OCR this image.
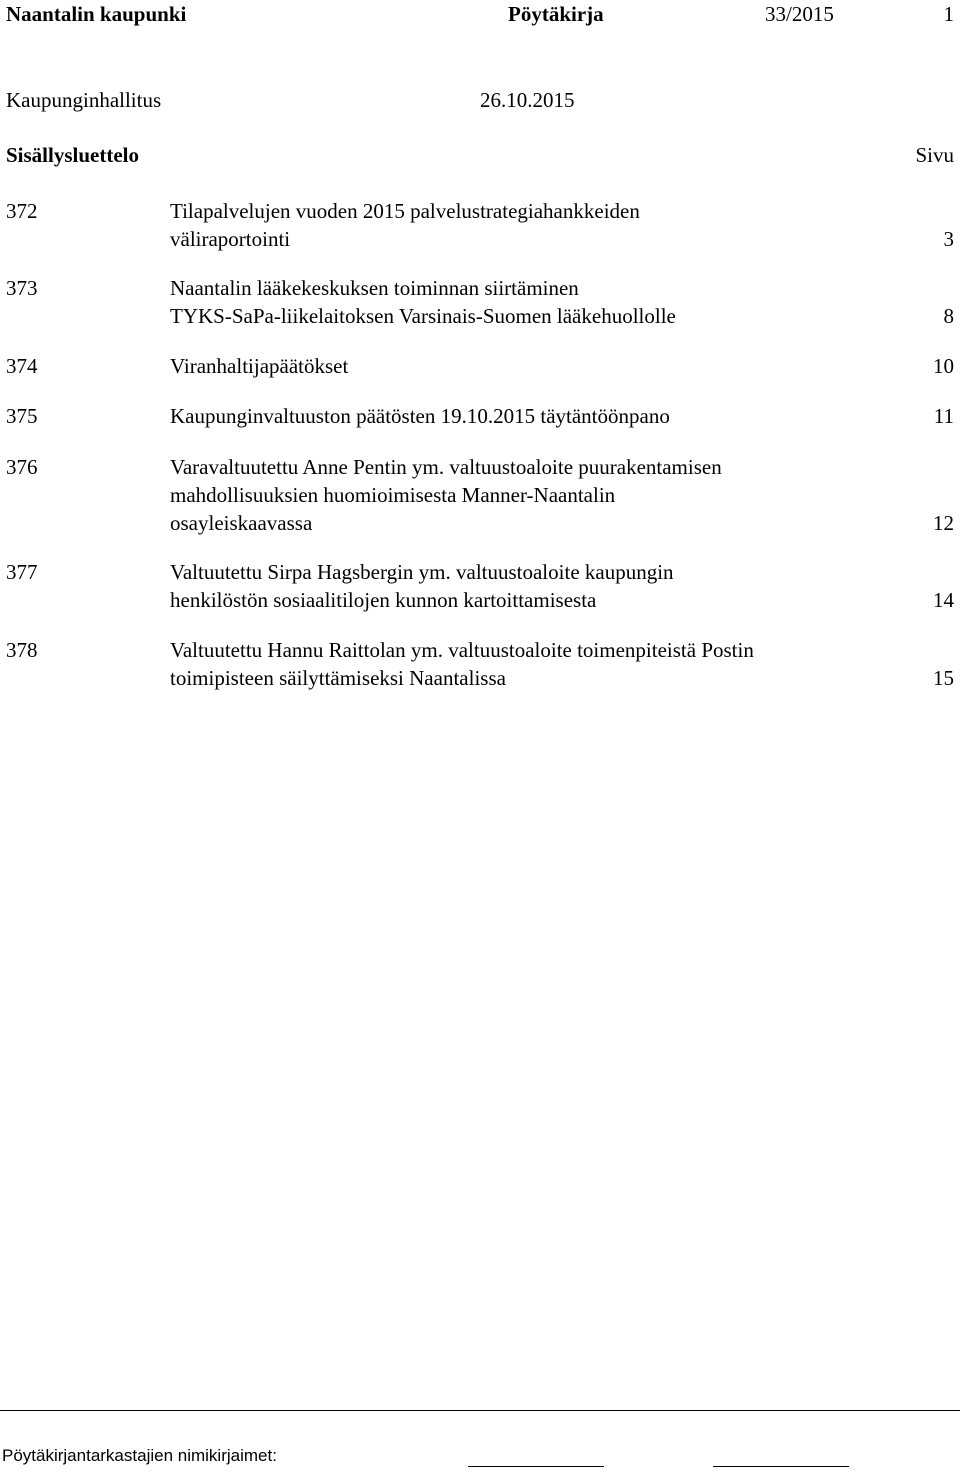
Naantalin kaupunki	Pöytäkirja	33/2015	1
Kaupunginhallitus	26.10.2015
Sisällysluettelo	Sivu
372	Tilapalvelujen vuoden 2015 palvelustrategiahankkeiden
väliraportointi	3
373	Naantalin lääkekeskuksen toiminnan siirtäminen
TYKS-SaPa-liikelaitoksen Varsinais-Suomen lääkehuollolle	8
374	Viranhaltijapäätökset	10
375	Kaupunginvaltuuston päätösten 19.10.2015 täytäntöönpano	11
376	Varavaltuutettu Anne Pentin ym. valtuustoaloite puurakentamisen
mahdollisuuksien huomioimisesta Manner-Naantalin
osayleiskaavassa	12
377	Valtuutettu Sirpa Hagsbergin ym. valtuustoaloite kaupungin
henkilöstön sosiaalitilojen kunnon kartoittamisesta	14
378	Valtuutettu Hannu Raittolan ym. valtuustoaloite toimenpiteistä Postin
toimipisteen säilyttämiseksi Naantalissa	15
Pöytäkirjantarkastajien nimikirjaimet:
